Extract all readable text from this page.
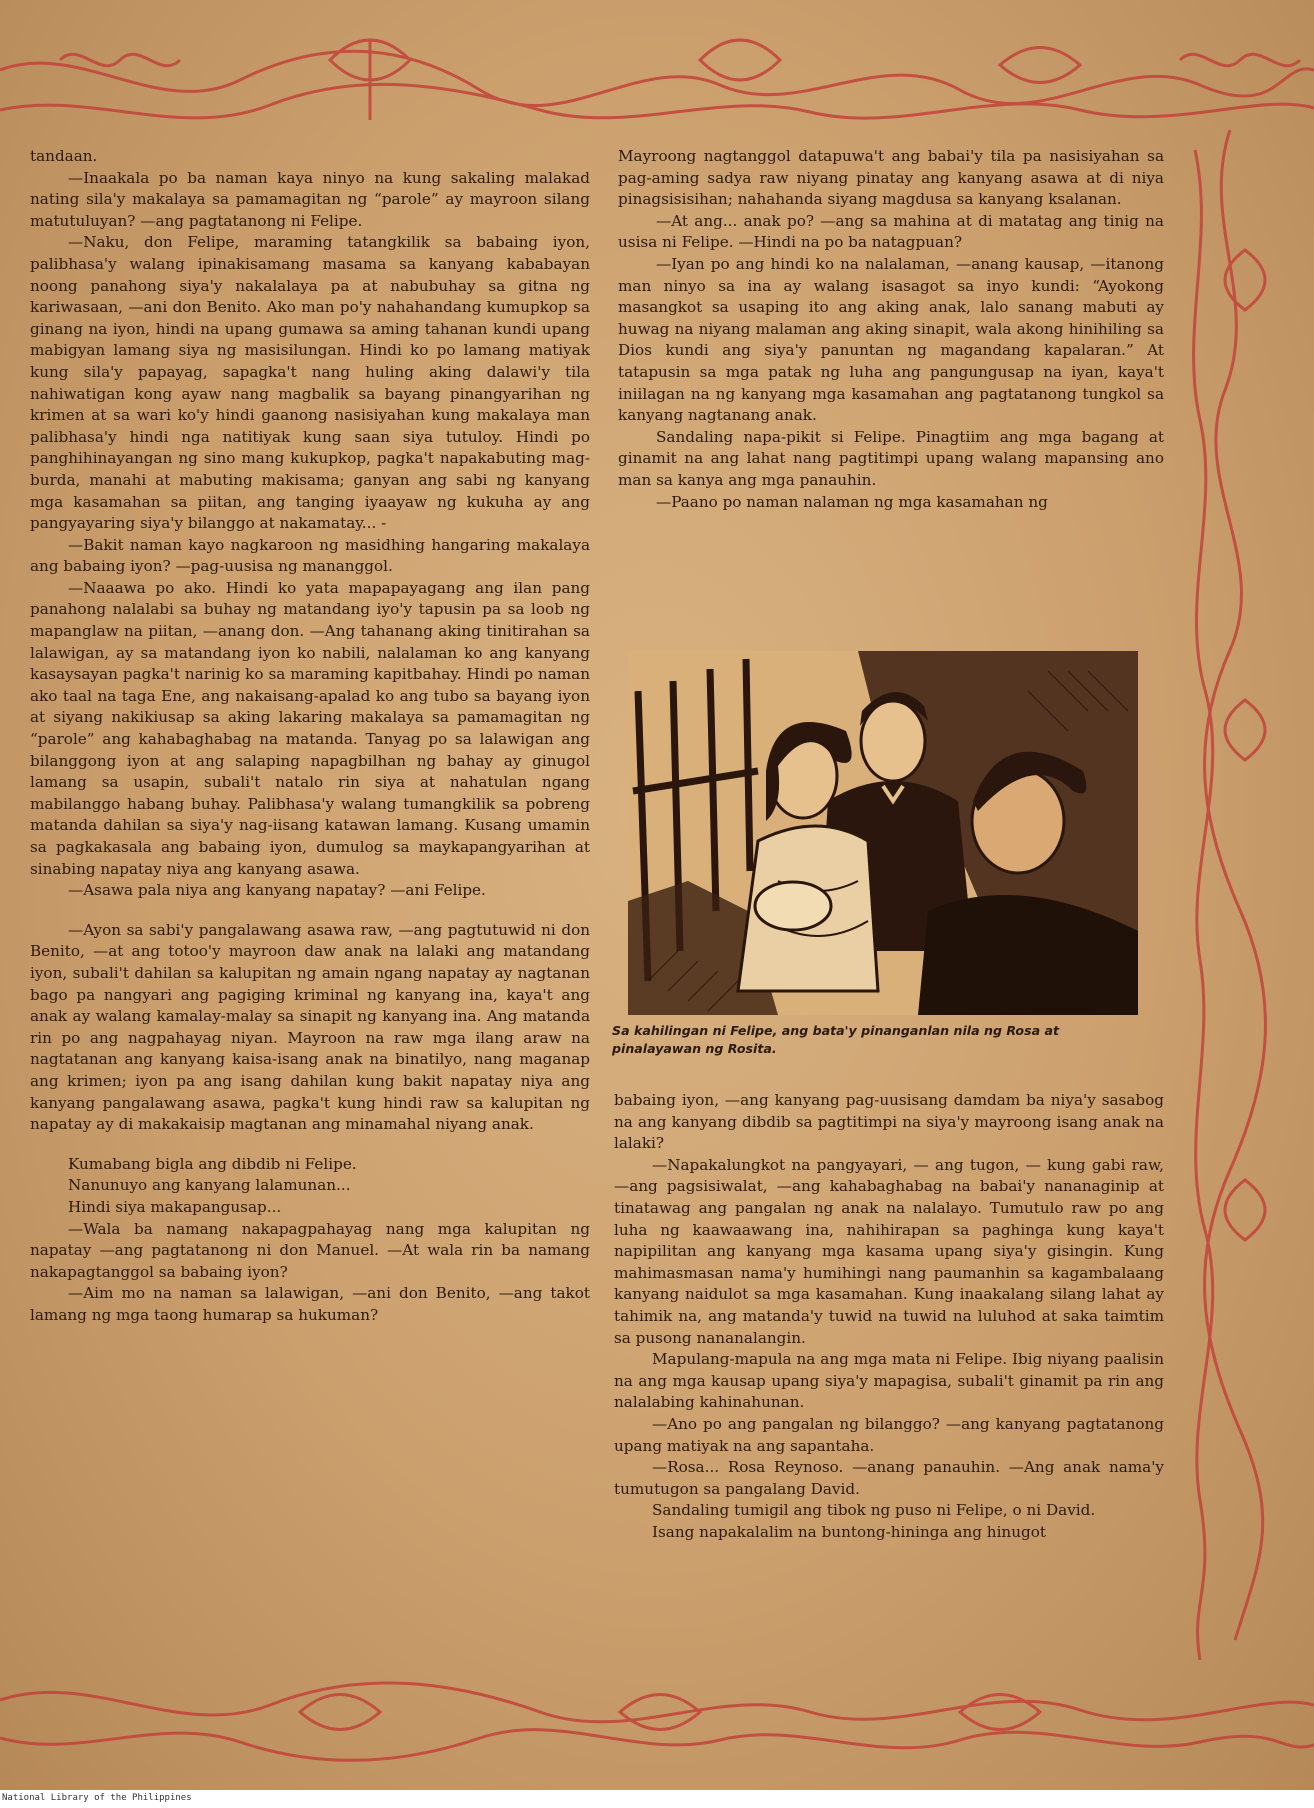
tandaan.

—Inaakala po ba naman kaya ninyo na kung sakaling malakad nating sila'y makalaya sa pamamagitan ng “parole” ay mayroon silang matutuluyan? —ang pagtatanong ni Felipe.

—Naku, don Felipe, maraming tatangkilik sa babaing iyon, palibhasa'y walang ipinakisamang masama sa kanyang kababayan noong panahong siya'y nakalalaya pa at nabubuhay sa gitna ng kariwasaan, —ani don Benito. Ako man po'y nahahandang kumupkop sa ginang na iyon, hindi na upang gumawa sa aming tahanan kundi upang mabigyan lamang siya ng masisilungan. Hindi ko po lamang matiyak kung sila'y papayag, sapagka't nang huling aking dalawi'y tila nahiwatigan kong ayaw nang magbalik sa bayang pinangyarihan ng krimen at sa wari ko'y hindi gaanong nasisiyahan kung makalaya man palibhasa'y hindi nga natitiyak kung saan siya tutuloy. Hindi po panghihinayangan ng sino mang kukupkop, pagka't napakabuting mag-burda, manahi at mabuting makisama; ganyan ang sabi ng kanyang mga kasamahan sa piitan, ang tanging iyaayaw ng kukuha ay ang pangyayaring siya'y bilanggo at nakamatay... -

—Bakit naman kayo nagkaroon ng masidhing hangaring makalaya ang babaing iyon? —pag-uusisa ng mananggol.

—Naaawa po ako. Hindi ko yata mapapayagang ang ilan pang panahong nalalabi sa buhay ng matandang iyo'y tapusin pa sa loob ng mapanglaw na piitan, —anang don. —Ang tahanang aking tinitirahan sa lalawigan, ay sa matandang iyon ko nabili, nalalaman ko ang kanyang kasaysayan pagka't narinig ko sa maraming kapitbahay. Hindi po naman ako taal na taga Ene, ang nakaisang-apalad ko ang tubo sa bayang iyon at siyang nakikiusap sa aking lakaring makalaya sa pamamagitan ng “parole” ang kahabaghabag na matanda. Tanyag po sa lalawigan ang bilanggong iyon at ang salaping napagbilhan ng bahay ay ginugol lamang sa usapin, subali't natalo rin siya at nahatulan ngang mabilanggo habang buhay. Palibhasa'y walang tumangkilik sa pobreng matanda dahilan sa siya'y nag-iisang katawan lamang. Kusang umamin sa pagkakasala ang babaing iyon, dumulog sa maykapangyarihan at sinabing napatay niya ang kanyang asawa.

—Asawa pala niya ang kanyang napatay? —ani Felipe.

—Ayon sa sabi'y pangalawang asawa raw, —ang pagtutuwid ni don Benito, —at ang totoo'y mayroon daw anak na lalaki ang matandang iyon, subali't dahilan sa kalupitan ng amain ngang napatay ay nagtanan bago pa nangyari ang pagiging kriminal ng kanyang ina, kaya't ang anak ay walang kamalay-malay sa sinapit ng kanyang ina. Ang matanda rin po ang nagpahayag niyan. Mayroon na raw mga ilang araw na nagtatanan ang kanyang kaisa-isang anak na binatilyo, nang maganap ang krimen; iyon pa ang isang dahilan kung bakit napatay niya ang kanyang pangalawang asawa, pagka't kung hindi raw sa kalupitan ng napatay ay di makakaisip magtanan ang minamahal niyang anak.

Kumabang bigla ang dibdib ni Felipe.

Nanunuyo ang kanyang lalamunan...

Hindi siya makapangusap...

—Wala ba namang nakapagpahayag nang mga kalupitan ng napatay —ang pagtatanong ni don Manuel. —At wala rin ba namang nakapagtanggol sa babaing iyon?

—Aim mo na naman sa lalawigan, —ani don Benito, —ang takot lamang ng mga taong humarap sa hukuman?

Mayroong nagtanggol datapuwa't ang babai'y tila pa nasisiyahan sa pag-aming sadya raw niyang pinatay ang kanyang asawa at di niya pinagsisisihan; nahahanda siyang magdusa sa kanyang ksalanan.

—At ang... anak po? —ang sa mahina at di matatag ang tinig na usisa ni Felipe. —Hindi na po ba natagpuan?

—Iyan po ang hindi ko na nalalaman, —anang kausap, —itanong man ninyo sa ina ay walang isasagot sa inyo kundi: “Ayokong masangkot sa usaping ito ang aking anak, lalo sanang mabuti ay huwag na niyang malaman ang aking sinapit, wala akong hinihiling sa Dios kundi ang siya'y panuntan ng magandang kapalaran.” At tatapusin sa mga patak ng luha ang pangungusap na iyan, kaya't iniilagan na ng kanyang mga kasamahan ang pagtatanong tungkol sa kanyang nagtanang anak.

Sandaling napa-pikit si Felipe. Pinagtiim ang mga bagang at ginamit na ang lahat nang pagtitimpi upang walang mapansing ano man sa kanya ang mga panauhin.

—Paano po naman nalaman ng mga kasamahan ng

Sa kahilingan ni Felipe, ang bata'y pinanganlan nila ng Rosa at pinalayawan ng Rosita.

babaing iyon, —ang kanyang pag-uusisang damdam ba niya'y sasabog na ang kanyang dibdib sa pagtitimpi na siya'y mayroong isang anak na lalaki?

—Napakalungkot na pangyayari, — ang tugon, — kung gabi raw, —ang pagsisiwalat, —ang kahabaghabag na babai'y nananaginip at tinatawag ang pangalan ng anak na nalalayo. Tumutulo raw po ang luha ng kaawaawang ina, nahihirapan sa paghinga kung kaya't napipilitan ang kanyang mga kasama upang siya'y gisingin. Kung mahimasmasan nama'y humihingi nang paumanhin sa kagambalaang kanyang naidulot sa mga kasamahan. Kung inaakalang silang lahat ay tahimik na, ang matanda'y tuwid na tuwid na luluhod at saka taimtim sa pusong nananalangin.

Mapulang-mapula na ang mga mata ni Felipe. Ibig niyang paalisin na ang mga kausap upang siya'y mapagisa, subali't ginamit pa rin ang nalalabing kahinahunan.

—Ano po ang pangalan ng bilanggo? —ang kanyang pagtatanong upang matiyak na ang sapantaha.

—Rosa... Rosa Reynoso. —anang panauhin. —Ang anak nama'y tumutugon sa pangalang David.

Sandaling tumigil ang tibok ng puso ni Felipe, o ni David.

Isang napakalalim na buntong-hininga ang hinugot

National Library of the Philippines
